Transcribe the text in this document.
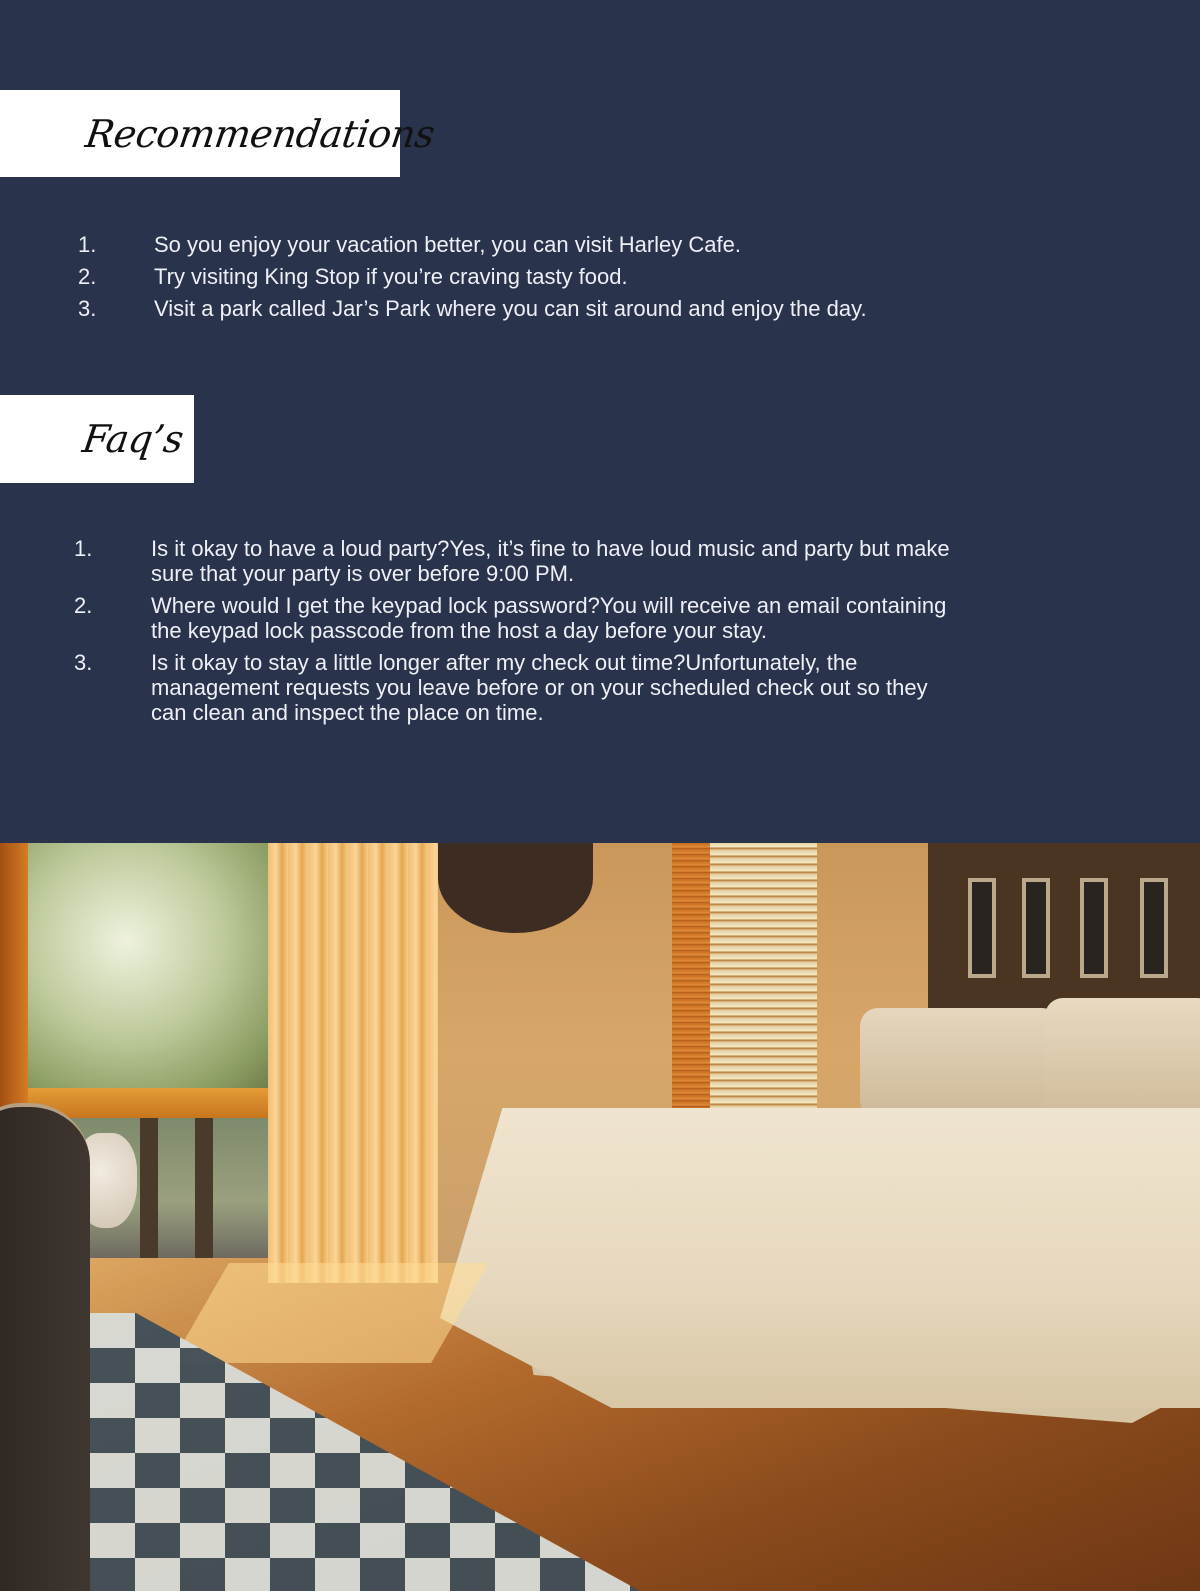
Recommendations
1.	So you enjoy your vacation better, you can visit Harley Cafe.
2.	Try visiting King Stop if you’re craving tasty food.
3.	Visit a park called Jar’s Park where you can sit around and enjoy the day.
Faq’s
1.	Is it okay to have a loud party?Yes, it’s fine to have loud music and party but make sure that your party is over before 9:00 PM.
2.	Where would I get the keypad lock password?You will receive an email containing the keypad lock passcode from the host a day before your stay.
3.	Is it okay to stay a little longer after my check out time?Unfortunately, the management requests you leave before or on your scheduled check out so they can clean and inspect the place on time.
